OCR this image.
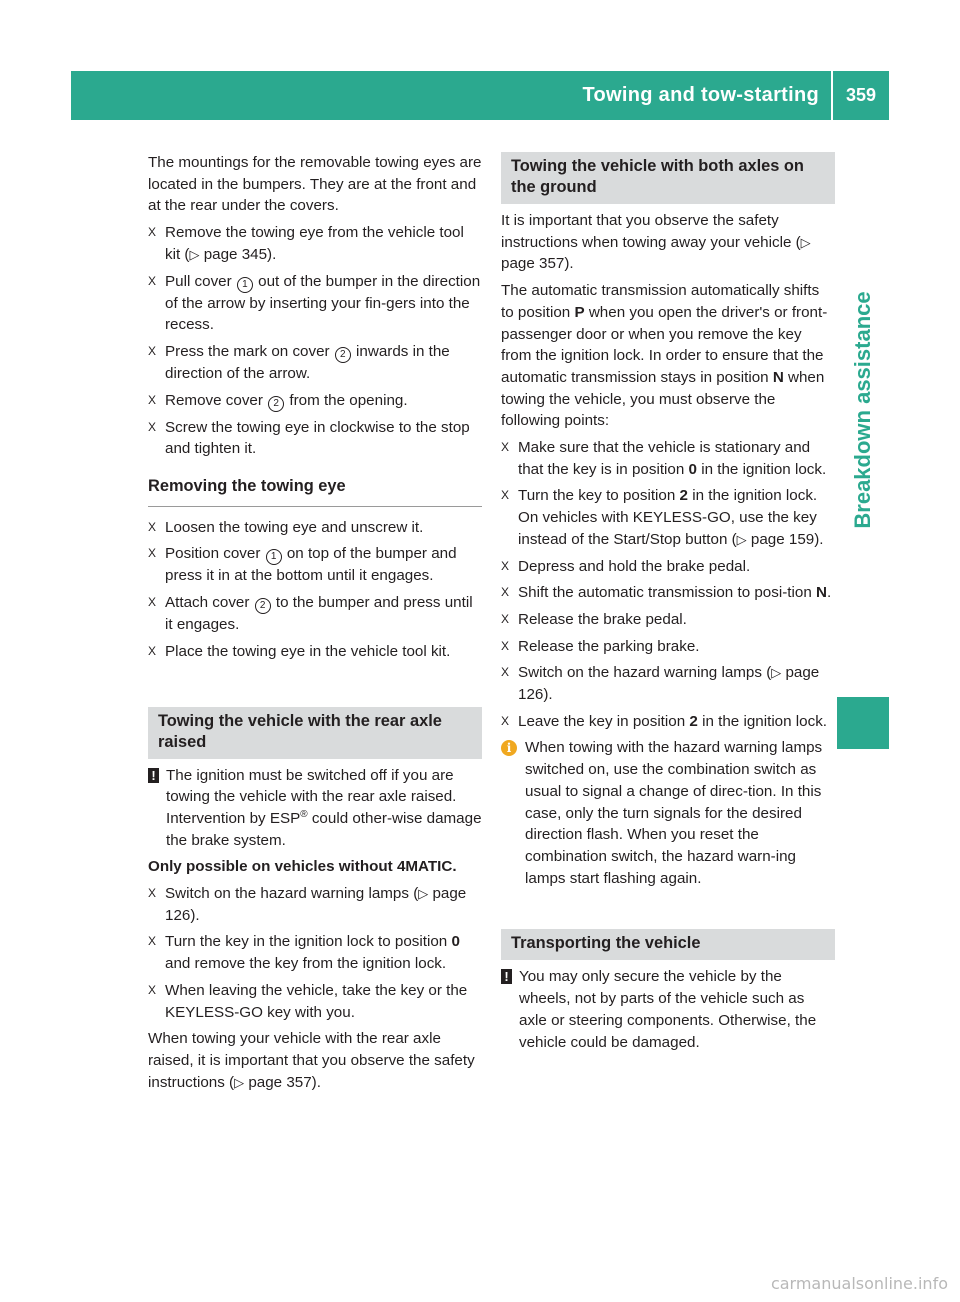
Towing and tow-starting	359
Breakdown assistance

The mountings for the removable towing eyes are located in the bumpers. They are at the front and at the rear under the covers.

X Remove the towing eye from the vehicle tool kit (▷ page 345).
X Pull cover 1 out of the bumper in the direction of the arrow by inserting your fin-gers into the recess.
X Press the mark on cover 2 inwards in the direction of the arrow.
X Remove cover 2 from the opening.
X Screw the towing eye in clockwise to the stop and tighten it.
Removing the towing eye
X Loosen the towing eye and unscrew it.
X Position cover 1 on top of the bumper and press it in at the bottom until it engages.
X Attach cover 2 to the bumper and press until it engages.
X Place the towing eye in the vehicle tool kit.
Towing the vehicle with the rear axle raised
! The ignition must be switched off if you are towing the vehicle with the rear axle raised. Intervention by ESP® could other-wise damage the brake system.
Only possible on vehicles without 4MATIC.
X Switch on the hazard warning lamps (▷ page 126).
X Turn the key in the ignition lock to position 0 and remove the key from the ignition lock.
X When leaving the vehicle, take the key or the KEYLESS-GO key with you.

When towing your vehicle with the rear axle raised, it is important that you observe the safety instructions (▷ page 357).

Towing the vehicle with both axles on the ground

It is important that you observe the safety instructions when towing away your vehicle (▷ page 357).

The automatic transmission automatically shifts to position P when you open the driver's or front-passenger door or when you remove the key from the ignition lock. In order to ensure that the automatic transmission stays in position N when towing the vehicle, you must observe the following points:

X Make sure that the vehicle is stationary and that the key is in position 0 in the ignition lock.
X Turn the key to position 2 in the ignition lock.
On vehicles with KEYLESS-GO, use the key instead of the Start/Stop button (▷ page 159).
X Depress and hold the brake pedal.
X Shift the automatic transmission to posi-tion N.
X Release the brake pedal.
X Release the parking brake.
X Switch on the hazard warning lamps (▷ page 126).
X Leave the key in position 2 in the ignition lock.
i When towing with the hazard warning lamps switched on, use the combination switch as usual to signal a change of direc-tion. In this case, only the turn signals for the desired direction flash. When you reset the combination switch, the hazard warn-ing lamps start flashing again.
Transporting the vehicle
! You may only secure the vehicle by the wheels, not by parts of the vehicle such as axle or steering components. Otherwise, the vehicle could be damaged.
carmanualsonline.info
